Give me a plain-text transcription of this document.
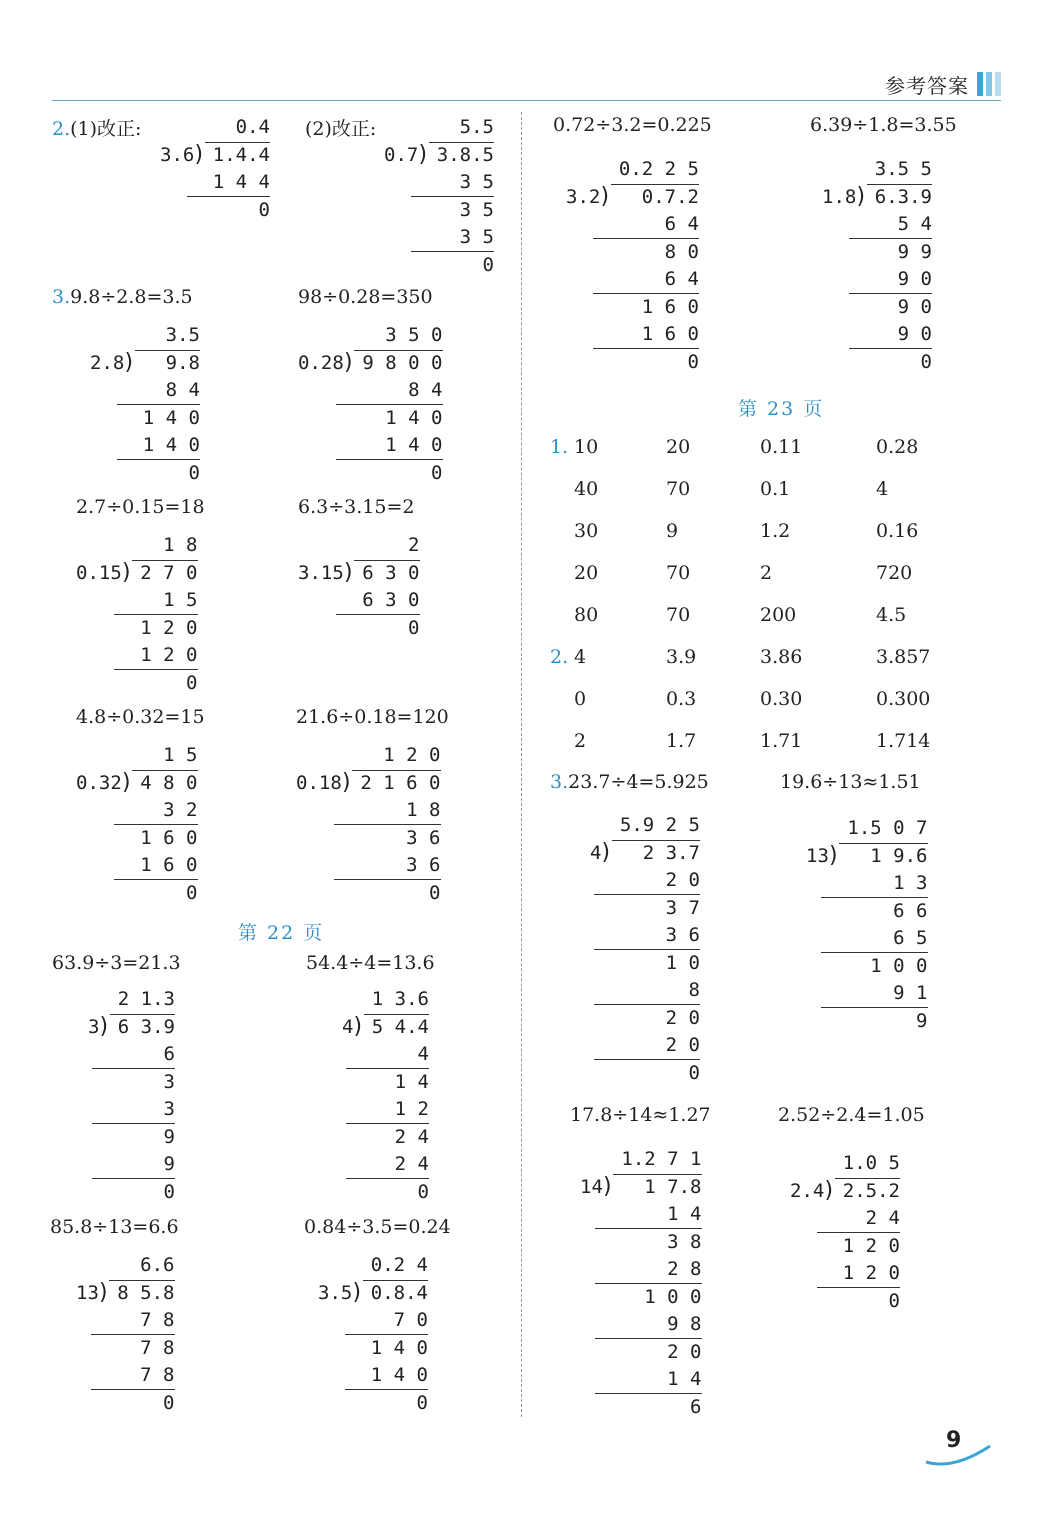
参考答案
2.(1)改正:	(2)改正:
0.4
3.6 ) 1.4.4
1 4 4
0
5.5
0.7 ) 3.8.5
3 5
3 5
3 5
0
3.9.8÷2.8=3.5	98÷0.28=350
3.5
2.8 )	9.8
8 4
1 4 0
1 4 0
0
3 5 0
0.28 ) 9 8 0 0
8 4
1 4 0
1 4 0
0
2.7÷0.15=18	6.3÷3.15=2
1 8
0.15 ) 2 7 0
1 5
1 2 0
1 2 0
0
2
3.15 ) 6 3 0
6 3 0
0
4.8÷0.32=15	21.6÷0.18=120
1 5
0.32 ) 4 8 0
3 2
1 6 0
1 6 0
0
1 2 0
0.18 ) 2 1 6 0
1 8
3 6
3 6
0
第 22 页
63.9÷3=21.3	54.4÷4=13.6
2 1.3
3 ) 6 3.9
6
3
3
9
9
0
1 3.6
4 ) 5 4.4
4
1 4
1 2
2 4
2 4
0
85.8÷13=6.6	0.84÷3.5=0.24
6.6
13 ) 8 5.8
7 8
7 8
7 8
0
0.2 4
3.5 ) 0.8.4
7 0
1 4 0
1 4 0
0
0.72÷3.2=0.225	6.39÷1.8=3.55
0.2 2 5
3.2 )	0.7.2
6 4
8 0
6 4
1 6 0
1 6 0
0
3.5 5
1.8 ) 6.3.9
5 4
9 9
9 0
9 0
9 0
0
第 23 页
10	20	0.11	0.28
40	70	0.1	4
30	9	1.2	0.16
20	70	2	720
80	70	200	4.5
1.
4	3.9	3.86	3.857
0	0.3	0.30	0.300
2	1.7	1.71	1.714
2.
3.23.7÷4=5.925	19.6÷13≈1.51
5.9 2 5
4 )	2 3.7
2 0
3 7
3 6
1 0
8
2 0
2 0
0
1.5 0 7
13 )	1 9.6
1 3
6 6
6 5
1 0 0
9 1
9
17.8÷14≈1.27	2.52÷2.4=1.05
1.2 7 1
14 )	1 7.8
1 4
3 8
2 8
1 0 0
9 8
2 0
1 4
6
1.0 5
2.4 ) 2.5.2
2 4
1 2 0
1 2 0
0
9
